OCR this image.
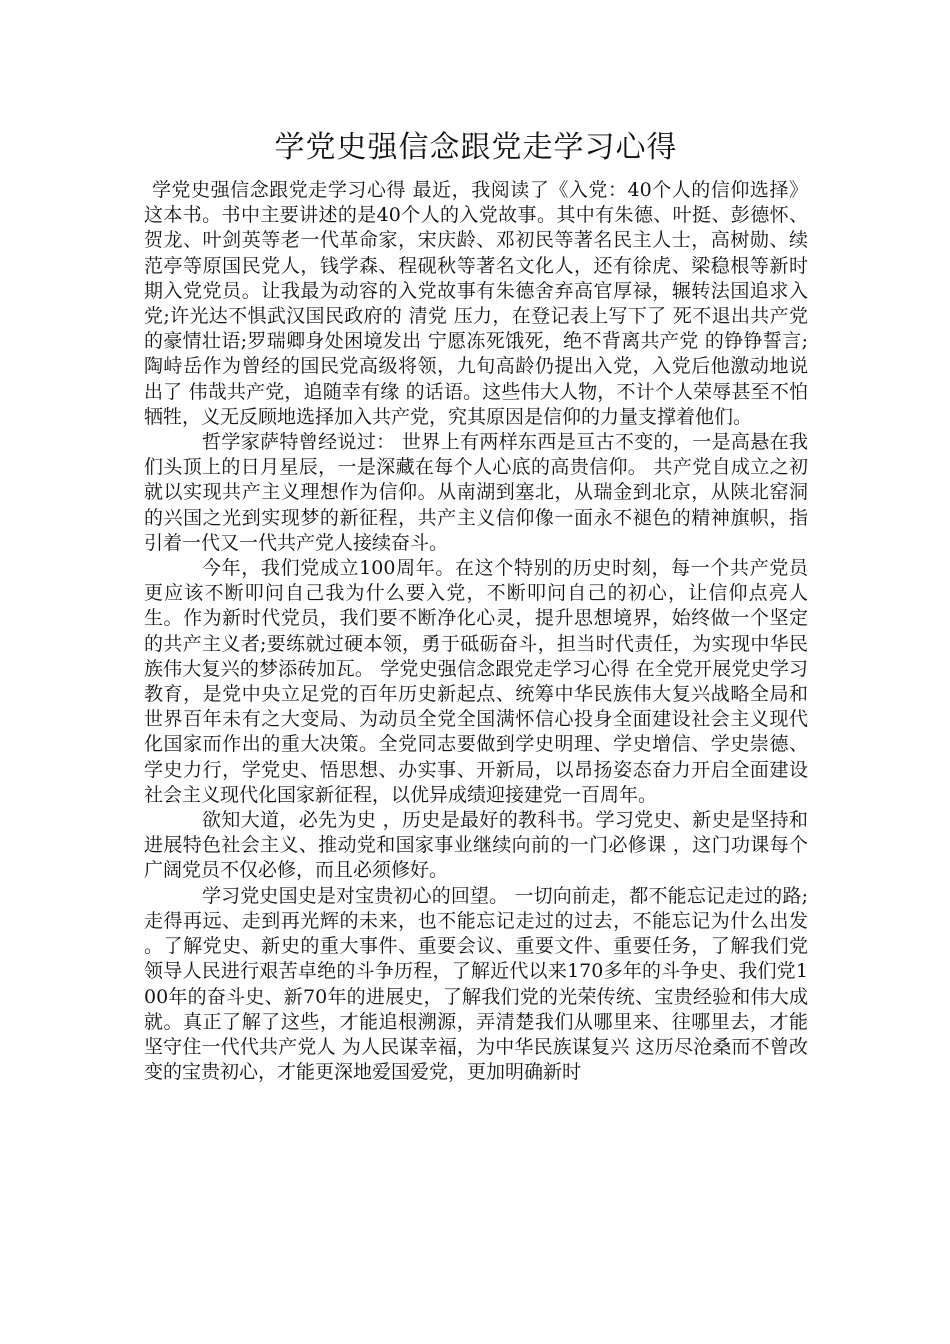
学党史强信念跟党走学习心得

学党史强信念跟党走学习心得 最近，我阅读了《入党：40个人的信仰选择》这本书。书中主要讲述的是40个人的入党故事。其中有朱德、叶挺、彭德怀、贺龙、叶剑英等老一代革命家，宋庆龄、邓初民等著名民主人士，高树勋、续范亭等原国民党人，钱学森、程砚秋等著名文化人，还有徐虎、梁稳根等新时期入党党员。让我最为动容的入党故事有朱德舍弃高官厚禄，辗转法国追求入党;许光达不惧武汉国民政府的 清党 压力，在登记表上写下了 死不退出共产党 的豪情壮语;罗瑞卿身处困境发出 宁愿冻死饿死，绝不背离共产党 的铮铮誓言;陶峙岳作为曾经的国民党高级将领，九旬高龄仍提出入党，入党后他激动地说出了 伟哉共产党，追随幸有缘 的话语。这些伟大人物，不计个人荣辱甚至不怕牺牲，义无反顾地选择加入共产党，究其原因是信仰的力量支撑着他们。

哲学家萨特曾经说过： 世界上有两样东西是亘古不变的，一是高悬在我们头顶上的日月星辰，一是深藏在每个人心底的高贵信仰。 共产党自成立之初就以实现共产主义理想作为信仰。从南湖到塞北，从瑞金到北京，从陕北窑洞的兴国之光到实现梦的新征程，共产主义信仰像一面永不褪色的精神旗帜，指引着一代又一代共产党人接续奋斗。

今年，我们党成立100周年。在这个特别的历史时刻，每一个共产党员更应该不断叩问自己我为什么要入党，不断叩问自己的初心，让信仰点亮人生。作为新时代党员，我们要不断净化心灵，提升思想境界，始终做一个坚定的共产主义者;要练就过硬本领，勇于砥砺奋斗，担当时代责任，为实现中华民族伟大复兴的梦添砖加瓦。 学党史强信念跟党走学习心得 在全党开展党史学习教育，是党中央立足党的百年历史新起点、统筹中华民族伟大复兴战略全局和世界百年未有之大变局、为动员全党全国满怀信心投身全面建设社会主义现代化国家而作出的重大决策。全党同志要做到学史明理、学史增信、学史崇德、学史力行，学党史、悟思想、办实事、开新局，以昂扬姿态奋力开启全面建设社会主义现代化国家新征程，以优异成绩迎接建党一百周年。

欲知大道，必先为史 ，历史是最好的教科书。学习党史、新史是坚持和进展特色社会主义、推动党和国家事业继续向前的一门必修课 ，这门功课每个广阔党员不仅必修，而且必须修好。

学习党史国史是对宝贵初心的回望。 一切向前走，都不能忘记走过的路;走得再远、走到再光辉的未来，也不能忘记走过的过去，不能忘记为什么出发 。了解党史、新史的重大事件、重要会议、重要文件、重要任务，了解我们党领导人民进行艰苦卓绝的斗争历程，了解近代以来170多年的斗争史、我们党100年的奋斗史、新70年的进展史，了解我们党的光荣传统、宝贵经验和伟大成就。真正了解了这些，才能追根溯源，弄清楚我们从哪里来、往哪里去，才能坚守住一代代共产党人 为人民谋幸福，为中华民族谋复兴 这历尽沧桑而不曾改变的宝贵初心，才能更深地爱国爱党，更加明确新时
